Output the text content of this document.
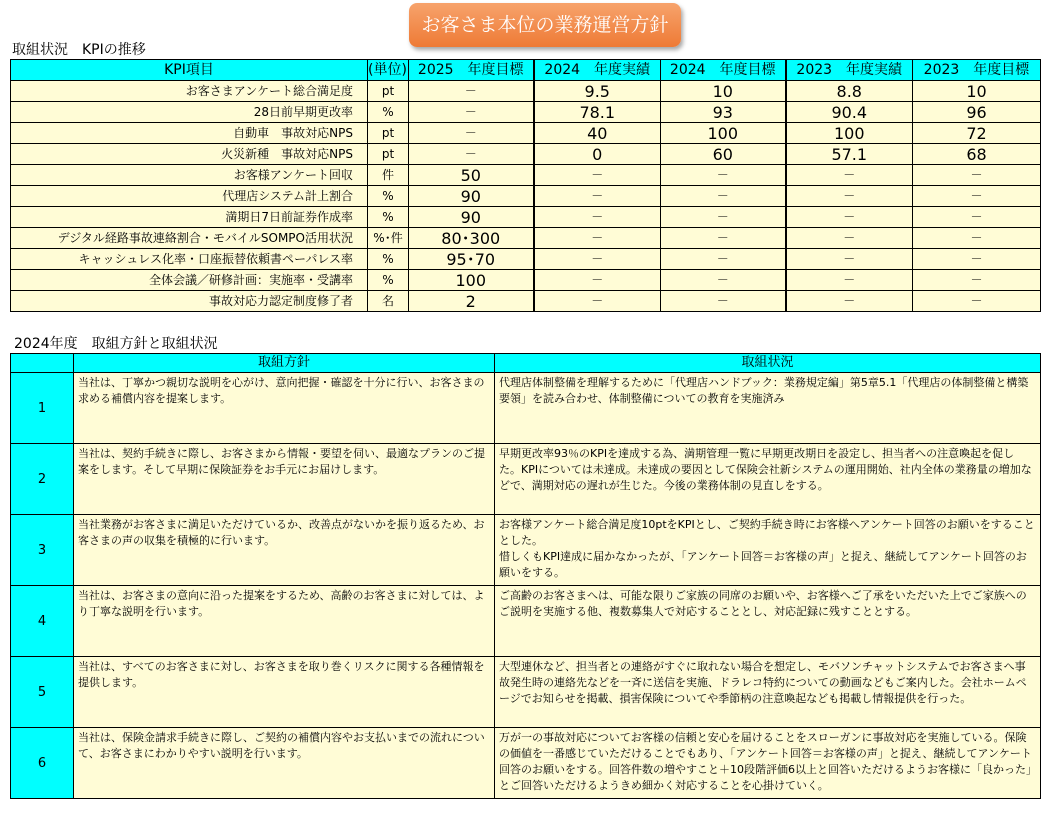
お客さま本位の業務運営方針
取組状況　KPIの推移
KPI項目	(単位)	2025　年度目標	2024　年度実績	2024　年度目標	2023　年度実績	2023　年度目標
お客さまアンケート総合満足度	pt	－	9.5	10	8.8	10
28日前早期更改率	%	－	78.1	93	90.4	96
自動車　事故対応NPS	pt	－	40	100	100	72
火災新種　事故対応NPS	pt	－	0	60	57.1	68
お客様アンケート回収	件	50	－	－	－	－
代理店システム計上割合	%	90	－	－	－	－
満期日7日前証券作成率	%	90	－	－	－	－
デジタル経路事故連絡割合・モバイルSOMPO活用状況	%･件	80･300	－	－	－	－
キャッシュレス化率・口座振替依頼書ペーパレス率	%	95･70	－	－	－	－
全体会議／研修計画：実施率・受講率	%	100	－	－	－	－
事故対応力認定制度修了者	名	2	－	－	－	－
2024年度　取組方針と取組状況
	取組方針	取組状況
1	当社は、丁寧かつ親切な説明を心がけ、意向把握・確認を十分に行い、お客さまの求める補償内容を提案します。	代理店体制整備を理解するために「代理店ハンドブック：業務規定編」第5章5.1「代理店の体制整備と構築要領」を読み合わせ、体制整備についての教育を実施済み
2	当社は、契約手続きに際し、お客さまから情報・要望を伺い、最適なプランのご提案をします。そして早期に保険証券をお手元にお届けします。	早期更改率93％のKPIを達成する為、満期管理一覧に早期更改期日を設定し、担当者への注意喚起を促した。KPIについては未達成。未達成の要因として保険会社新システムの運用開始、社内全体の業務量の増加などで、満期対応の遅れが生じた。今後の業務体制の見直しをする。
3	当社業務がお客さまに満足いただけているか、改善点がないかを振り返るため、お客さまの声の収集を積極的に行います。	お客様アンケート総合満足度10ptをKPIとし、ご契約手続き時にお客様へアンケート回答のお願いをすることとした。
惜しくもKPI達成に届かなかったが、「アンケート回答＝お客様の声」と捉え、継続してアンケート回答のお願いをする。
4	当社は、お客さまの意向に沿った提案をするため、高齢のお客さまに対しては、より丁寧な説明を行います。	ご高齢のお客さまへは、可能な限りご家族の同席のお願いや、お客様へご了承をいただいた上でご家族へのご説明を実施する他、複数募集人で対応することとし、対応記録に残すこととする。
5	当社は、すべてのお客さまに対し、お客さまを取り巻くリスクに関する各種情報を提供します。	大型連休など、担当者との連絡がすぐに取れない場合を想定し、モバソンチャットシステムでお客さまへ事故発生時の連絡先などを一斉に送信を実施、ドラレコ特約についての動画などもご案内した。会社ホームページでお知らせを掲載、損害保険についてや季節柄の注意喚起なども掲載し情報提供を行った。
6	当社は、保険金請求手続きに際し、ご契約の補償内容やお支払いまでの流れについて、お客さまにわかりやすい説明を行います。	万が一の事故対応についてお客様の信頼と安心を届けることをスローガンに事故対応を実施している。保険の価値を一番感じていただけることでもあり、「アンケート回答＝お客様の声」と捉え、継続してアンケート回答のお願いをする。回答件数の増やすこと＋10段階評価6以上と回答いただけるようお客様に「良かった」とご回答いただけるようきめ細かく対応することを心掛けていく。
